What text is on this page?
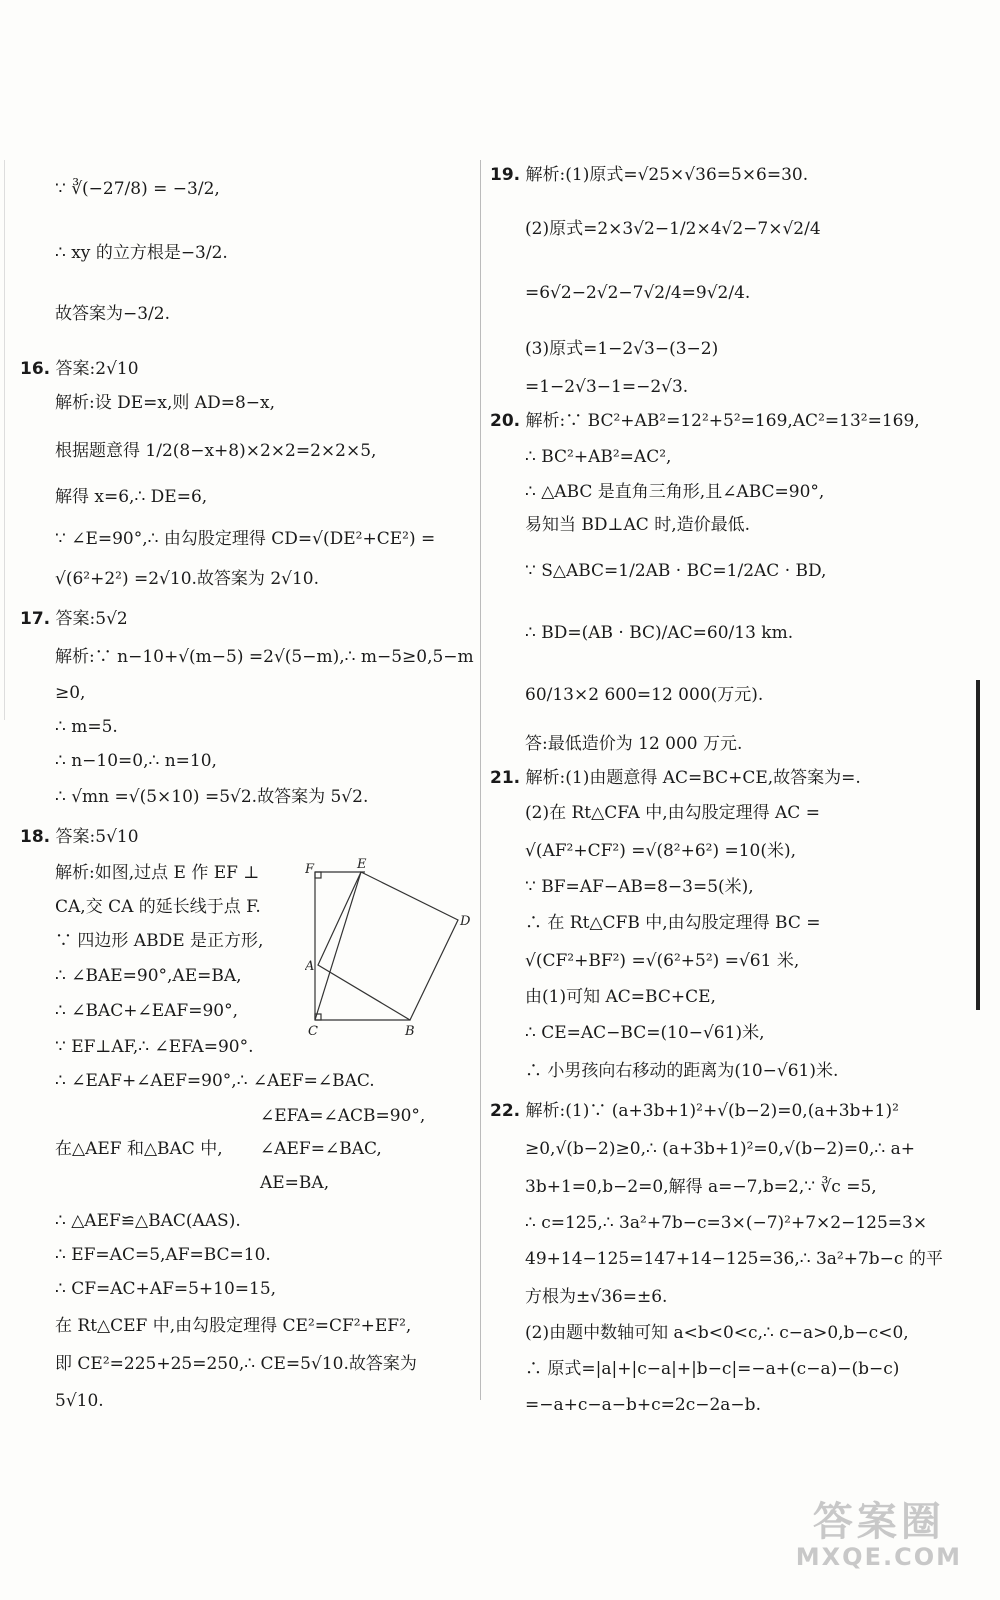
∵ ∛(−27/8) = −3/2,
∴ xy 的立方根是−3/2.
故答案为−3/2.
16. 答案:2√10
解析:设 DE=x,则 AD=8−x,
根据题意得 1/2(8−x+8)×2×2=2×2×5,
解得 x=6,∴ DE=6,
∵ ∠E=90°,∴ 由勾股定理得 CD=√(DE²+CE²) =
√(6²+2²) =2√10.故答案为 2√10.
17. 答案:5√2
解析:∵ n−10+√(m−5) =2√(5−m),∴ m−5≥0,5−m
≥0,
∴ m=5.
∴ n−10=0,∴ n=10,
∴ √mn =√(5×10) =5√2.故答案为 5√2.
18. 答案:5√10
解析:如图,过点 E 作 EF ⊥
CA,交 CA 的延长线于点 F.
∵ 四边形 ABDE 是正方形,
∴ ∠BAE=90°,AE=BA,
∴ ∠BAC+∠EAF=90°,
∵ EF⊥AF,∴ ∠EFA=90°.
∴ ∠EAF+∠AEF=90°,∴ ∠AEF=∠BAC.
∠EFA=∠ACB=90°,
在△AEF 和△BAC 中, ∠AEF=∠BAC,
AE=BA,
∴ △AEF≌△BAC(AAS).
∴ EF=AC=5,AF=BC=10.
∴ CF=AC+AF=5+10=15,
在 Rt△CEF 中,由勾股定理得 CE²=CF²+EF²,
即 CE²=225+25=250,∴ CE=5√10.故答案为
5√10.
19. 解析:(1)原式=√25×√36=5×6=30.
(2)原式=2×3√2−1/2×4√2−7×√2/4
=6√2−2√2−7√2/4=9√2/4.
(3)原式=1−2√3−(3−2)
=1−2√3−1=−2√3.
20. 解析:∵ BC²+AB²=12²+5²=169,AC²=13²=169,
∴ BC²+AB²=AC²,
∴ △ABC 是直角三角形,且∠ABC=90°,
易知当 BD⊥AC 时,造价最低.
∵ S△ABC=1/2AB · BC=1/2AC · BD,
∴ BD=(AB · BC)/AC=60/13 km.
60/13×2 600=12 000(万元).
答:最低造价为 12 000 万元.
21. 解析:(1)由题意得 AC=BC+CE,故答案为=.
(2)在 Rt△CFA 中,由勾股定理得 AC =
√(AF²+CF²) =√(8²+6²) =10(米),
∵ BF=AF−AB=8−3=5(米),
∴ 在 Rt△CFB 中,由勾股定理得 BC =
√(CF²+BF²) =√(6²+5²) =√61 米,
由(1)可知 AC=BC+CE,
∴ CE=AC−BC=(10−√61)米,
∴ 小男孩向右移动的距离为(10−√61)米.
22. 解析:(1)∵ (a+3b+1)²+√(b−2)=0,(a+3b+1)²
≥0,√(b−2)≥0,∴ (a+3b+1)²=0,√(b−2)=0,∴ a+
3b+1=0,b−2=0,解得 a=−7,b=2,∵ ∛c =5,
∴ c=125,∴ 3a²+7b−c=3×(−7)²+7×2−125=3×
49+14−125=147+14−125=36,∴ 3a²+7b−c 的平
方根为±√36=±6.
(2)由题中数轴可知 a<b<0<c,∴ c−a>0,b−c<0,
∴ 原式=|a|+|c−a|+|b−c|=−a+(c−a)−(b−c)
=−a+c−a−b+c=2c−2a−b.
F	E
D
A
C	B
答案圈
MXQE.COM
